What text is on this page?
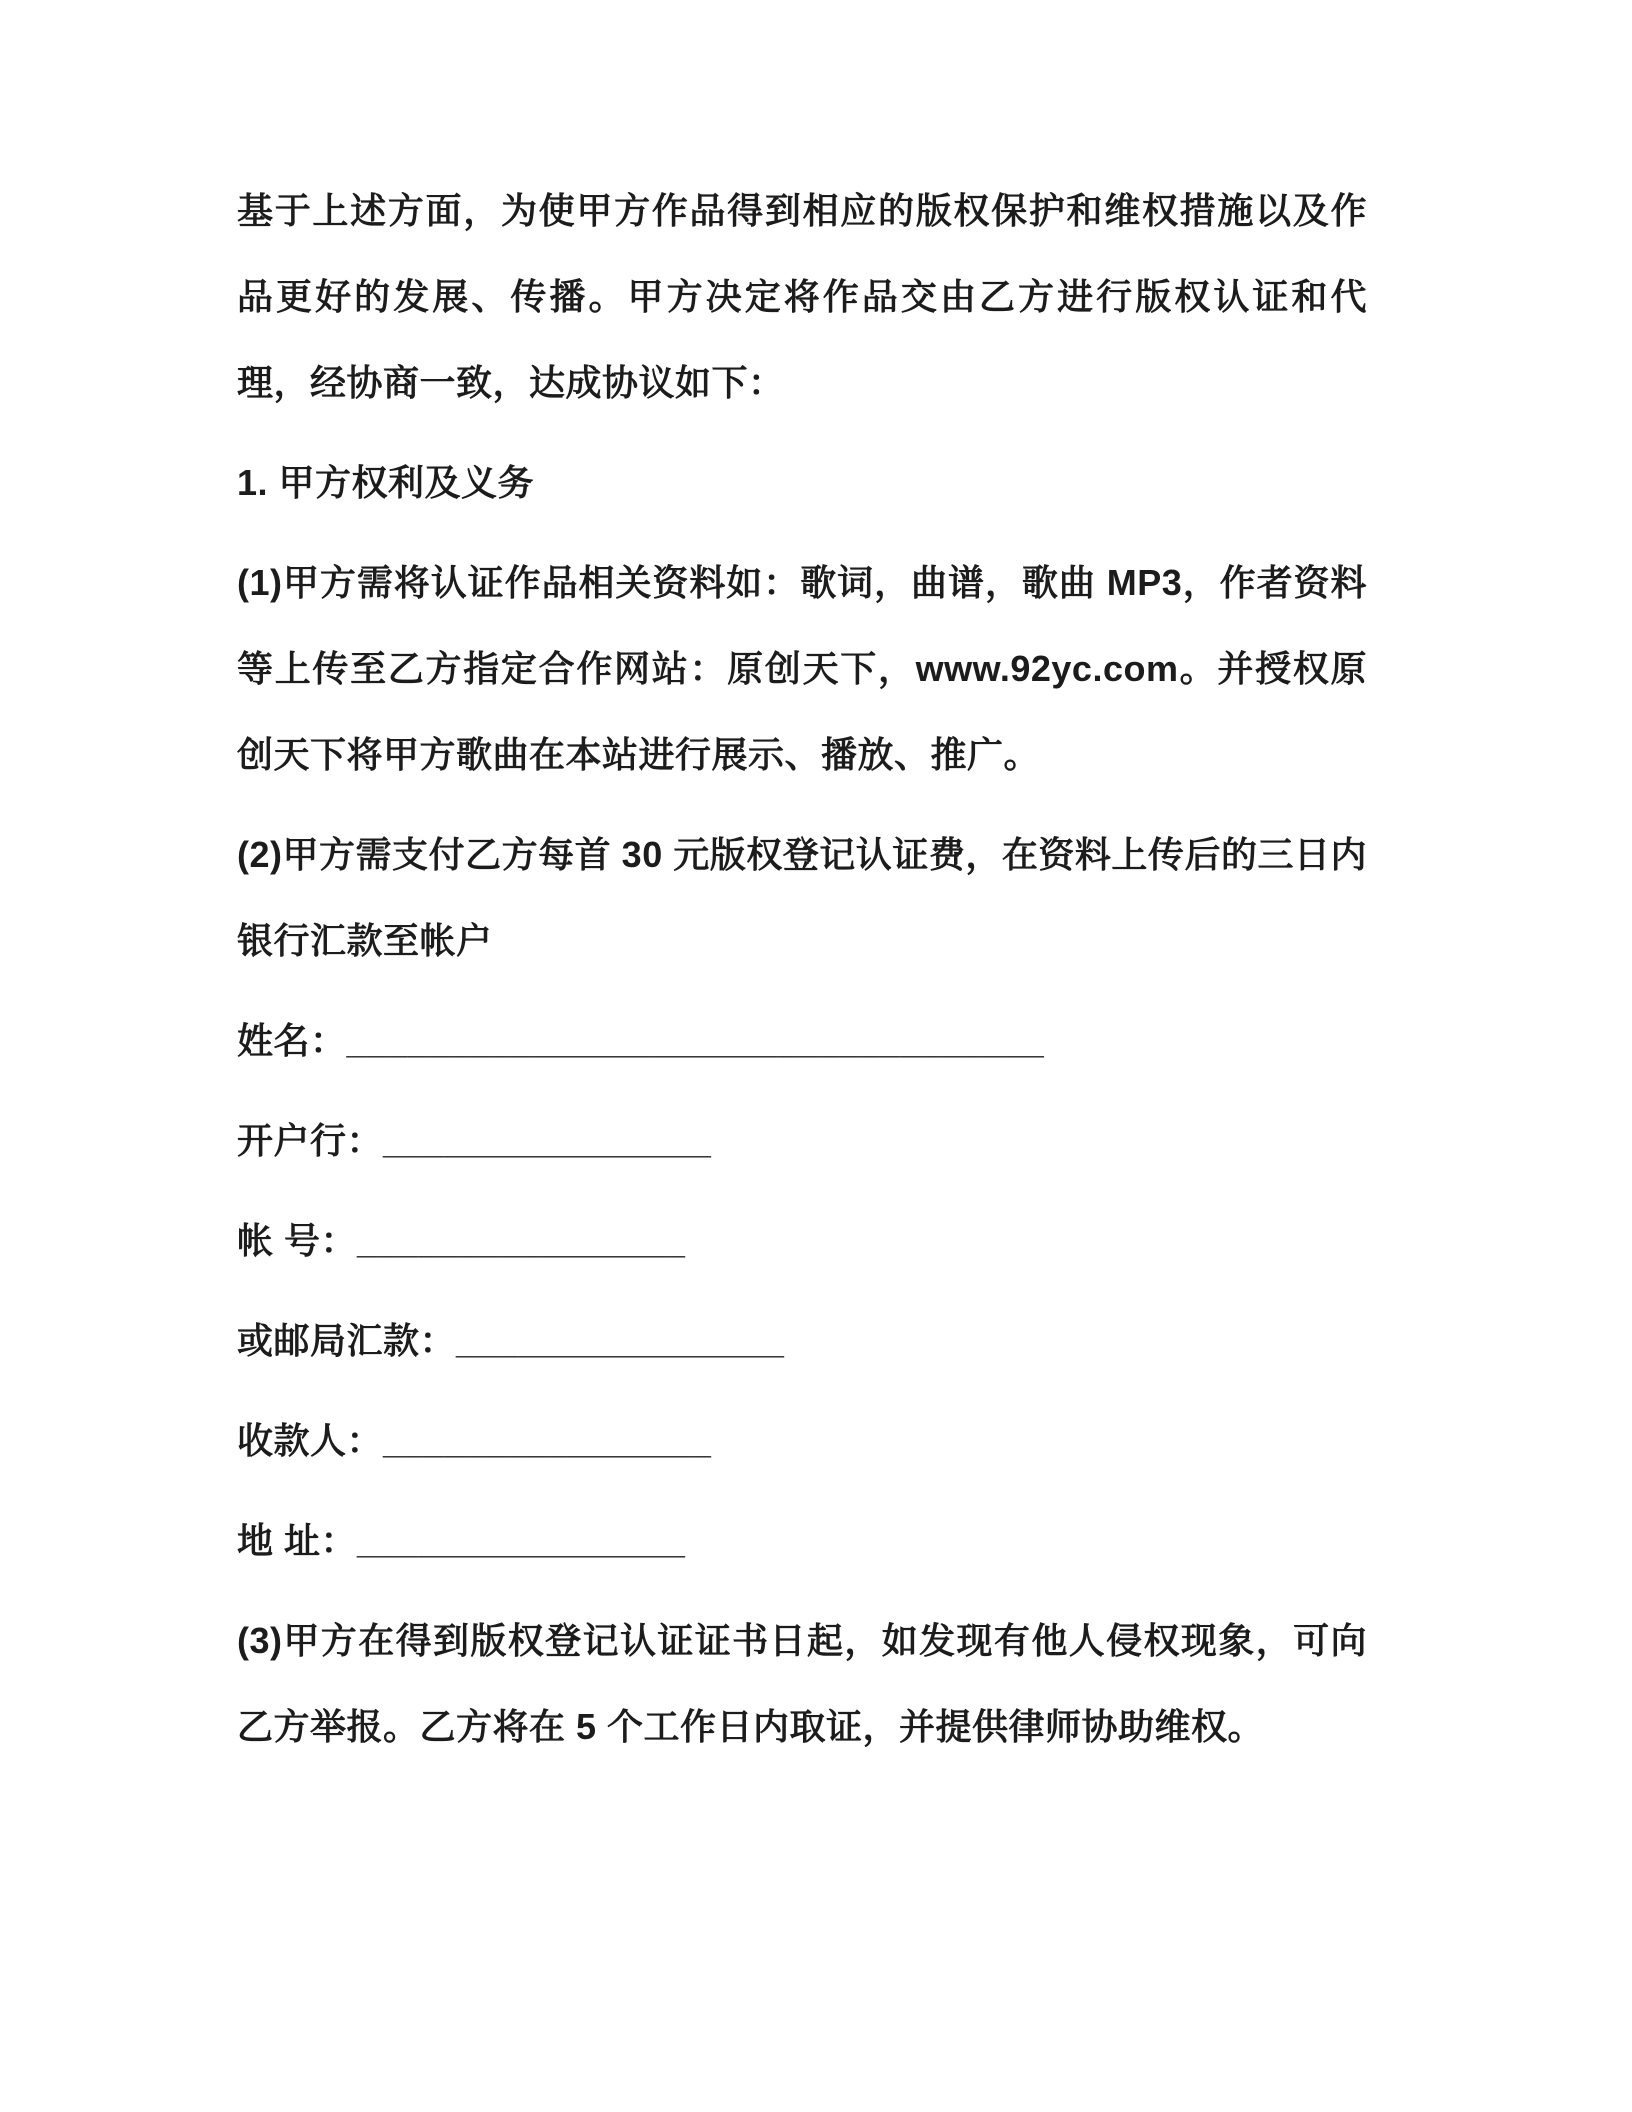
基于上述方面，为使甲方作品得到相应的版权保护和维权措施以及作品更好的发展、传播。甲方决定将作品交由乙方进行版权认证和代理，经协商一致，达成协议如下：

1. 甲方权利及义务

(1)甲方需将认证作品相关资料如：歌词，曲谱，歌曲 MP3，作者资料等上传至乙方指定合作网站：原创天下，www.92yc.com。并授权原创天下将甲方歌曲在本站进行展示、播放、推广。

(2)甲方需支付乙方每首 30 元版权登记认证费，在资料上传后的三日内银行汇款至帐户

姓名：__________________________________

开户行：________________

帐 号：________________

或邮局汇款：________________

收款人：________________

地 址：________________

(3)甲方在得到版权登记认证证书日起，如发现有他人侵权现象，可向乙方举报。乙方将在 5 个工作日内取证，并提供律师协助维权。
